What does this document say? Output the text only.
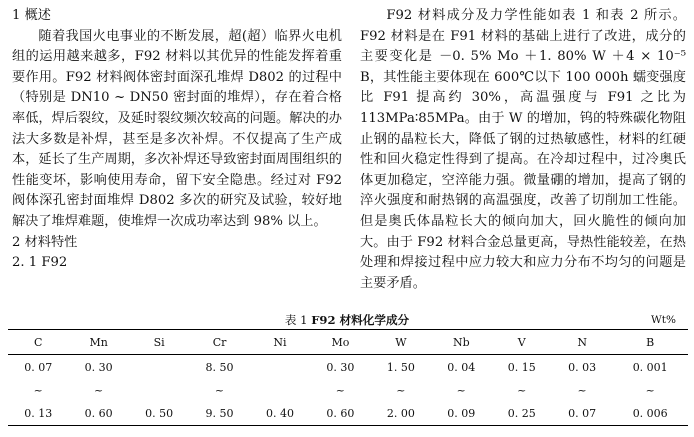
1 概述
随着我国火电事业的不断发展，超(超）临界火电机组的运用越来越多，F92 材料以其优异的性能发挥着重要作用。F92 材料阀体密封面深孔堆焊 D802 的过程中（特别是 DN10 ~ DN50 密封面的堆焊），存在着合格率低，焊后裂纹，及延时裂纹频次较高的问题。解决的办法大多数是补焊，甚至是多次补焊。不仅提高了生产成本，延长了生产周期，多次补焊还导致密封面周围组织的性能变坏，影响使用寿命，留下安全隐患。经过对 F92 阀体深孔密封面堆焊 D802 多次的研究及试验，较好地解决了堆焊难题，使堆焊一次成功率达到 98% 以上。
2 材料特性
2. 1 F92
F92 材料成分及力学性能如表 1 和表 2 所示。F92 材料是在 F91 材料的基础上进行了改进，成分的主要变化是 －0. 5% Mo ＋1. 80% W ＋4 × 10⁻⁵ B，其性能主要体现在 600℃以下 100 000h 蠕变强度比 F91 提高约 30%，高温强度与 F91 之比为 113MPa∶85MPa。由于 W 的增加，钨的特殊碳化物阻止钢的晶粒长大，降低了钢的过热敏感性，材料的红硬性和回火稳定性得到了提高。在冷却过程中，过冷奥氏体更加稳定，空淬能力强。微量硼的增加，提高了钢的淬火强度和耐热钢的高温强度，改善了切削加工性能。但是奥氏体晶粒长大的倾向加大，回火脆性的倾向加大。由于 F92 材料合金总量更高，导热性能较差，在热处理和焊接过程中应力较大和应力分布不均匀的问题是主要矛盾。
表 1 F92 材料化学成分	Wt%
C	Mn	Si	Cr	Ni	Mo	W	Nb	V	N	B
0. 07	0. 30		8. 50		0. 30	1. 50	0. 04	0. 15	0. 03	0. 001
~	~		~		~	~	~	~	~	~
0. 13	0. 60	0. 50	9. 50	0. 40	0. 60	2. 00	0. 09	0. 25	0. 07	0. 006
